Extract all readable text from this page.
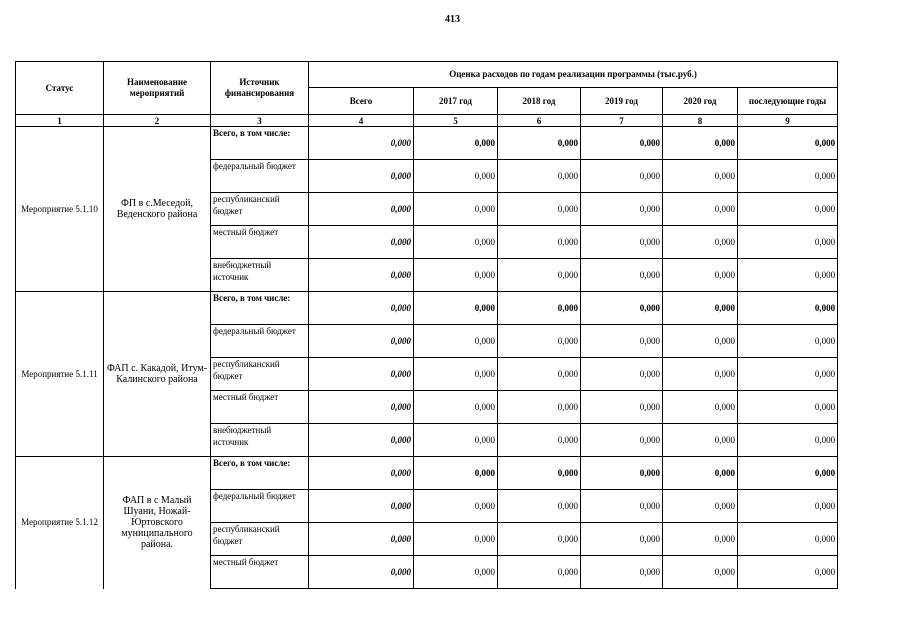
413
Статус	Наименование мероприятий	Источник финансирования	Оценка расходов по годам реализации программы (тыс.руб.)					
			Всего	2017 год	2018 год	2019 год	2020 год	последующие годы
1	2	3	4	5	6	7	8	9
Мероприятие 5.1.10	ФП в с.Меседой, Веденского района	Всего, в том числе:	0,000	0,000	0,000	0,000	0,000	0,000
		федеральный бюджет	0,000	0,000	0,000	0,000	0,000	0,000
		республиканский бюджет	0,000	0,000	0,000	0,000	0,000	0,000
		местный бюджет	0,000	0,000	0,000	0,000	0,000	0,000
		внебюджетный источник	0,000	0,000	0,000	0,000	0,000	0,000
Мероприятие 5.1.11	ФАП с. Какадой, Итум-Калинского района	Всего, в том числе:	0,000	0,000	0,000	0,000	0,000	0,000
		федеральный бюджет	0,000	0,000	0,000	0,000	0,000	0,000
		республиканский бюджет	0,000	0,000	0,000	0,000	0,000	0,000
		местный бюджет	0,000	0,000	0,000	0,000	0,000	0,000
		внебюджетный источник	0,000	0,000	0,000	0,000	0,000	0,000
Мероприятие 5.1.12	ФАП в с Малый Шуани, Ножай-Юртовского муниципального района.	Всего, в том числе:	0,000	0,000	0,000	0,000	0,000	0,000
		федеральный бюджет	0,000	0,000	0,000	0,000	0,000	0,000
		республиканский бюджет	0,000	0,000	0,000	0,000	0,000	0,000
		местный бюджет	0,000	0,000	0,000	0,000	0,000	0,000
